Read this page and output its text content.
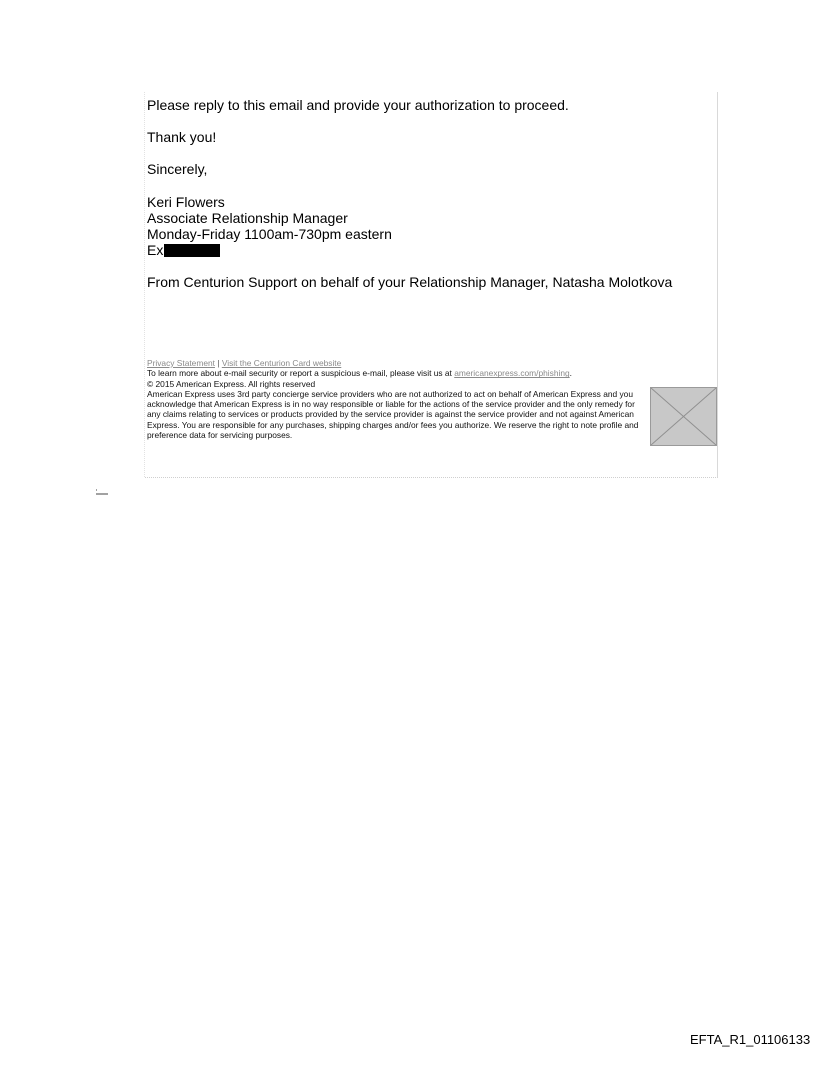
Please reply to this email and provide your authorization to proceed.
Thank you!
Sincerely,
Keri Flowers
Associate Relationship Manager
Monday-Friday 1100am-730pm eastern
Ex
From Centurion Support on behalf of your Relationship Manager, Natasha Molotkova
Privacy Statement | Visit the Centurion Card website
To learn more about e-mail security or report a suspicious e-mail, please visit us at americanexpress.com/phishing.
© 2015 American Express. All rights reserved
American Express uses 3rd party concierge service providers who are not authorized to act on behalf of American Express and you acknowledge that American Express is in no way responsible or liable for the actions of the service provider and the only remedy for any claims relating to services or products provided by the service provider is against the service provider and not against American Express. You are responsible for any purchases, shipping charges and/or fees you authorize. We reserve the right to note profile and preference data for servicing purposes.
EFTA_R1_01106133
